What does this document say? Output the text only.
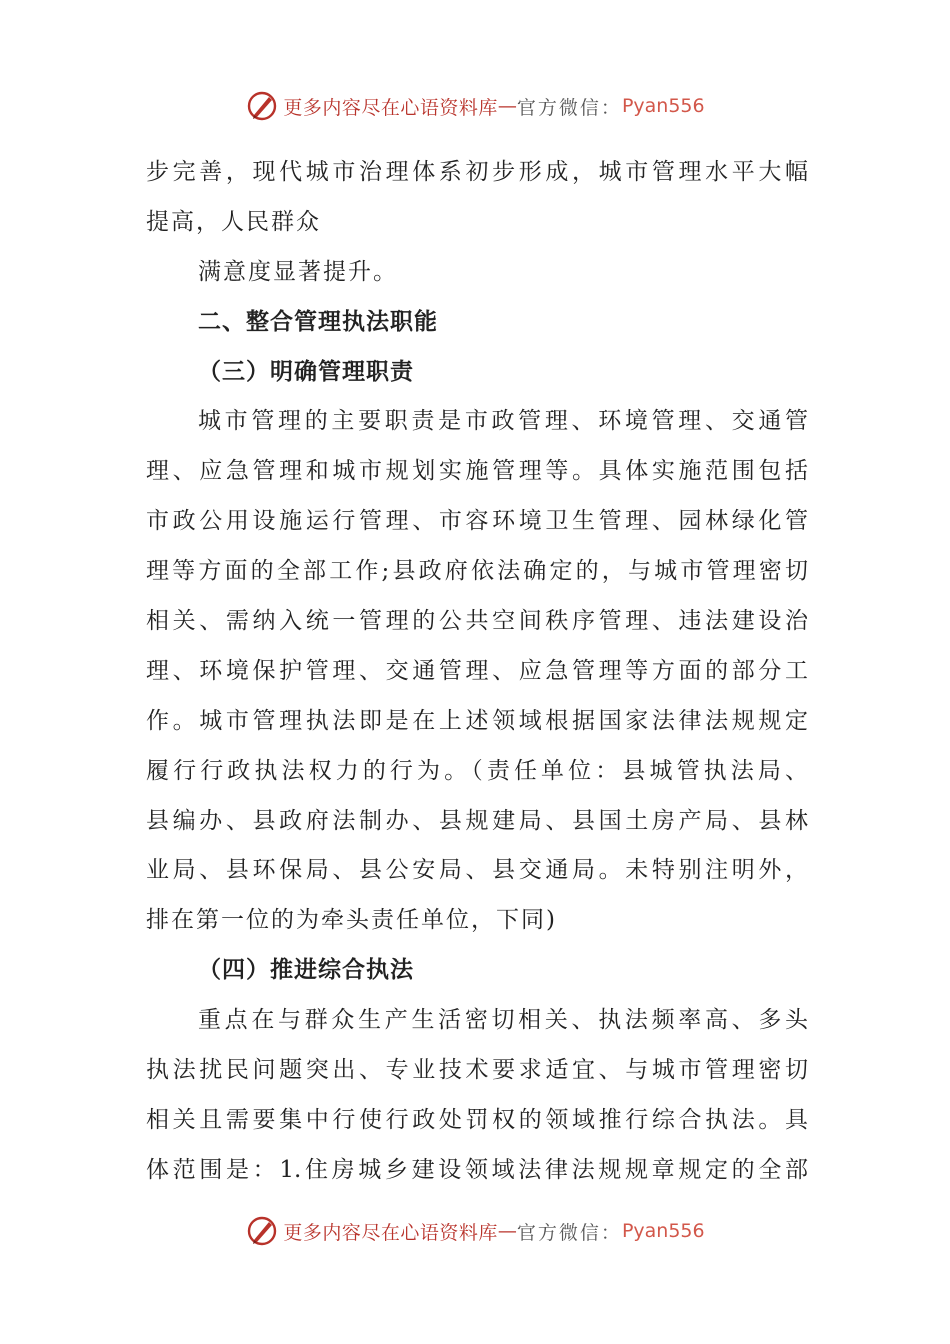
更多内容尽在心语资料库 — 官方微信： Pyan556
步完善，现代城市治理体系初步形成，城市管理水平大幅
提高，人民群众
满意度显著提升。
二、整合管理执法职能
（三）明确管理职责
城市管理的主要职责是市政管理、环境管理、交通管
理、应急管理和城市规划实施管理等。具体实施范围包括
市政公用设施运行管理、市容环境卫生管理、园林绿化管
理等方面的全部工作;县政府依法确定的，与城市管理密切
相关、需纳入统一管理的公共空间秩序管理、违法建设治
理、环境保护管理、交通管理、应急管理等方面的部分工
作。城市管理执法即是在上述领域根据国家法律法规规定
履行行政执法权力的行为。（责任单位：县城管执法局、
县编办、县政府法制办、县规建局、县国土房产局、县林
业局、县环保局、县公安局、县交通局。未特别注明外，
排在第一位的为牵头责任单位，下同)
（四）推进综合执法
重点在与群众生产生活密切相关、执法频率高、多头
执法扰民问题突出、专业技术要求适宜、与城市管理密切
相关且需要集中行使行政处罚权的领域推行综合执法。具
体范围是：1.住房城乡建设领域法律法规规章规定的全部
更多内容尽在心语资料库 — 官方微信： Pyan556
